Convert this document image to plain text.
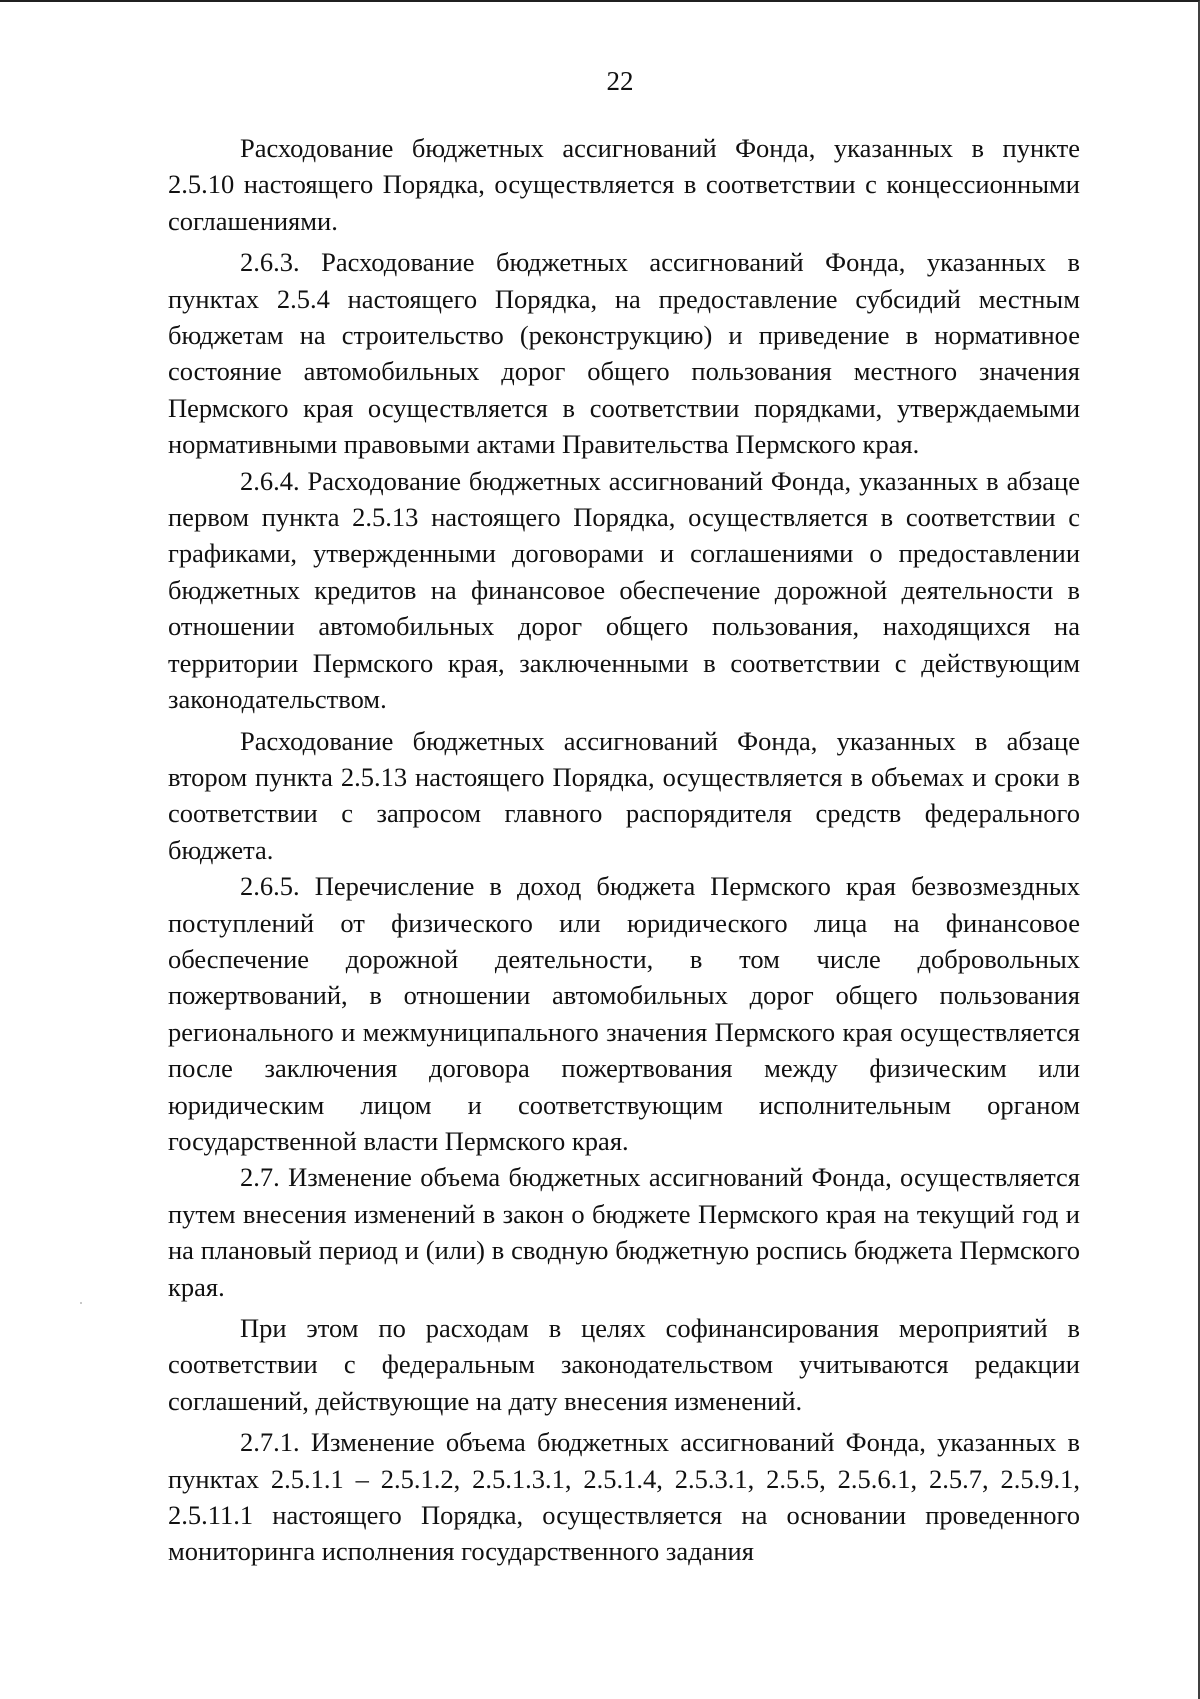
22

Расходование бюджетных ассигнований Фонда, указанных в пункте 2.5.10 настоящего Порядка, осуществляется в соответствии с концессионными соглашениями.

2.6.3. Расходование бюджетных ассигнований Фонда, указанных в пунктах 2.5.4 настоящего Порядка, на предоставление субсидий местным бюджетам на строительство (реконструкцию) и приведение в нормативное состояние автомобильных дорог общего пользования местного значения Пермского края осуществляется в соответствии порядками, утверждаемыми нормативными правовыми актами Правительства Пермского края.

2.6.4. Расходование бюджетных ассигнований Фонда, указанных в абзаце первом пункта 2.5.13 настоящего Порядка, осуществляется в соответствии с графиками, утвержденными договорами и соглашениями о предоставлении бюджетных кредитов на финансовое обеспечение дорожной деятельности в отношении автомобильных дорог общего пользования, находящихся на территории Пермского края, заключенными в соответствии с действующим законодательством.

Расходование бюджетных ассигнований Фонда, указанных в абзаце втором пункта 2.5.13 настоящего Порядка, осуществляется в объемах и сроки в соответствии с запросом главного распорядителя средств федерального бюджета.

2.6.5. Перечисление в доход бюджета Пермского края безвозмездных поступлений от физического или юридического лица на финансовое обеспечение дорожной деятельности, в том числе добровольных пожертвований, в отношении автомобильных дорог общего пользования регионального и межмуниципального значения Пермского края осуществляется после заключения договора пожертвования между физическим или юридическим лицом и соответствующим исполнительным органом государственной власти Пермского края.

2.7. Изменение объема бюджетных ассигнований Фонда, осуществляется путем внесения изменений в закон о бюджете Пермского края на текущий год и на плановый период и (или) в сводную бюджетную роспись бюджета Пермского края.

При этом по расходам в целях софинансирования мероприятий в соответствии с федеральным законодательством учитываются редакции соглашений, действующие на дату внесения изменений.

2.7.1. Изменение объема бюджетных ассигнований Фонда, указанных в пунктах 2.5.1.1 – 2.5.1.2, 2.5.1.3.1, 2.5.1.4, 2.5.3.1, 2.5.5, 2.5.6.1, 2.5.7, 2.5.9.1, 2.5.11.1 настоящего Порядка, осуществляется на основании проведенного мониторинга исполнения государственного задания
